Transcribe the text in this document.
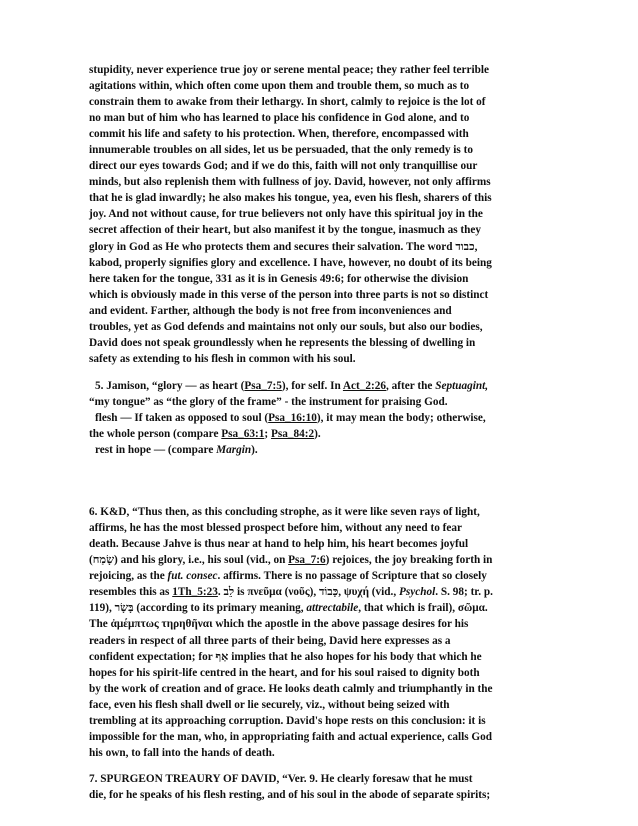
stupidity, never experience true joy or serene mental peace; they rather feel terrible
agitations within, which often come upon them and trouble them, so much as to
constrain them to awake from their lethargy. In short, calmly to rejoice is the lot of
no man but of him who has learned to place his confidence in God alone, and to
commit his life and safety to his protection. When, therefore, encompassed with
innumerable troubles on all sides, let us be persuaded, that the only remedy is to
direct our eyes towards God; and if we do this, faith will not only tranquillise our
minds, but also replenish them with fullness of joy. David, however, not only affirms
that he is glad inwardly; he also makes his tongue, yea, even his flesh, sharers of this
joy. And not without cause, for true believers not only have this spiritual joy in the
secret affection of their heart, but also manifest it by the tongue, inasmuch as they
glory in God as He who protects them and secures their salvation. The word כבוד,
kabod, properly signifies glory and excellence. I have, however, no doubt of its being
here taken for the tongue, 331 as it is in Genesis 49:6; for otherwise the division
which is obviously made in this verse of the person into three parts is not so distinct
and evident. Farther, although the body is not free from inconveniences and
troubles, yet as God defends and maintains not only our souls, but also our bodies,
David does not speak groundlessly when he represents the blessing of dwelling in
safety as extending to his flesh in common with his soul.

5. Jamison, “glory — as heart (Psa_7:5), for self. In Act_2:26, after the Septuagint,
“my tongue” as “the glory of the frame” - the instrument for praising God.
flesh — If taken as opposed to soul (Psa_16:10), it may mean the body; otherwise,
the whole person (compare Psa_63:1; Psa_84:2).
rest in hope — (compare Margin).

6. K&D, “Thus then, as this concluding strophe, as it were like seven rays of light,
affirms, he has the most blessed prospect before him, without any need to fear
death. Because Jahve is thus near at hand to help him, his heart becomes joyful
(שָׂמַח) and his glory, i.e., his soul (vid., on Psa_7:6) rejoices, the joy breaking forth in
rejoicing, as the fut. consec. affirms. There is no passage of Scripture that so closely
resembles this as 1Th_5:23. לֵב is πνεῦμα (νοῦς), כָּבוֹד, ψυχή (vid., Psychol. S. 98; tr. p.
119), בָּשָׂר (according to its primary meaning, attrectabile, that which is frail), σῶμα.
The ἀμέμπτως τηρηθῆναι which the apostle in the above passage desires for his
readers in respect of all three parts of their being, David here expresses as a
confident expectation; for אַף implies that he also hopes for his body that which he
hopes for his spirit-life centred in the heart, and for his soul raised to dignity both
by the work of creation and of grace. He looks death calmly and triumphantly in the
face, even his flesh shall dwell or lie securely, viz., without being seized with
trembling at its approaching corruption. David's hope rests on this conclusion: it is
impossible for the man, who, in appropriating faith and actual experience, calls God
his own, to fall into the hands of death.

7. SPURGEON TREAURY OF DAVID, “Ver. 9. He clearly foresaw that he must
die, for he speaks of his flesh resting, and of his soul in the abode of separate spirits;
